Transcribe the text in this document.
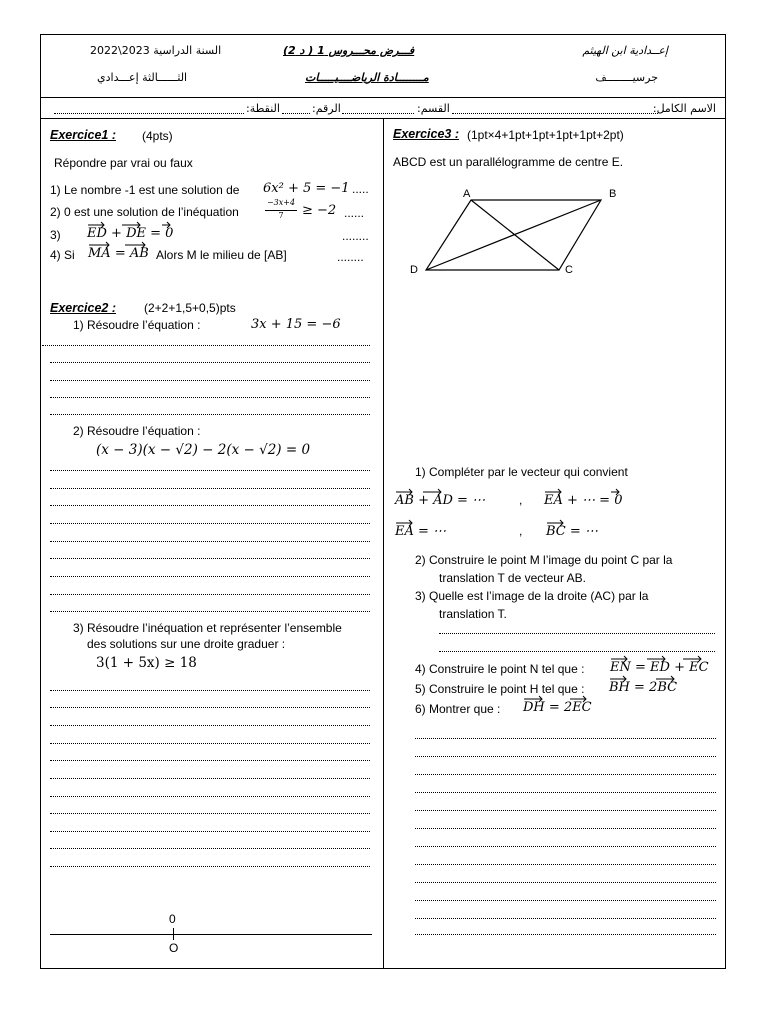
إعــدادية ابن الهيثم
فـــرض محـــروس 1 ( د 2)
السنة الدراسية 2023\2022
جرسيــــــــف
مــــــــادة الرياضــــيـــــات
الثــــــالثة إعـــدادي
الاسم الكامل:
القسم:
الرقم:
النقطة:
Exercice1 : (4pts)
Répondre par vrai ou faux
1) Le nombre -1 est une solution de 6x² + 5 = −1 .....
2) 0 est une solution de l’inéquation
−3x+4
7	≥ −2 ......
3) ED + DE = 0	........
4) Si MA = AB Alors M le milieu de [AB]	........
Exercice2 : (2+2+1,5+0,5)pts
1) Résoudre l’équation :	3x + 15 = −6
2) Résoudre l’équation :
(x − 3)(x − √2) − 2(x − √2) = 0
3) Résoudre l’inéquation et représenter l’ensemble
des solutions sur une droite graduer :
3(1 + 5x) ≥ 18
0
O
Exercice3 : (1pt×4+1pt+1pt+1pt+1pt+2pt)
ABCD est un parallélogramme de centre E.
A	B
C
D
1) Compléter par le vecteur qui convient
AB + AD = ⋯	, EA + ⋯ = 0
EA = ⋯	, BC = ⋯
2) Construire le point M l’image du point C par la
translation T de vecteur AB.
3) Quelle est l’image de la droite (AC) par la
translation T.
4) Construire le point N tel que : EN = ED + EC
5) Construire le point H tel que : BH = 2BC
6) Montrer que : DH = 2EC
